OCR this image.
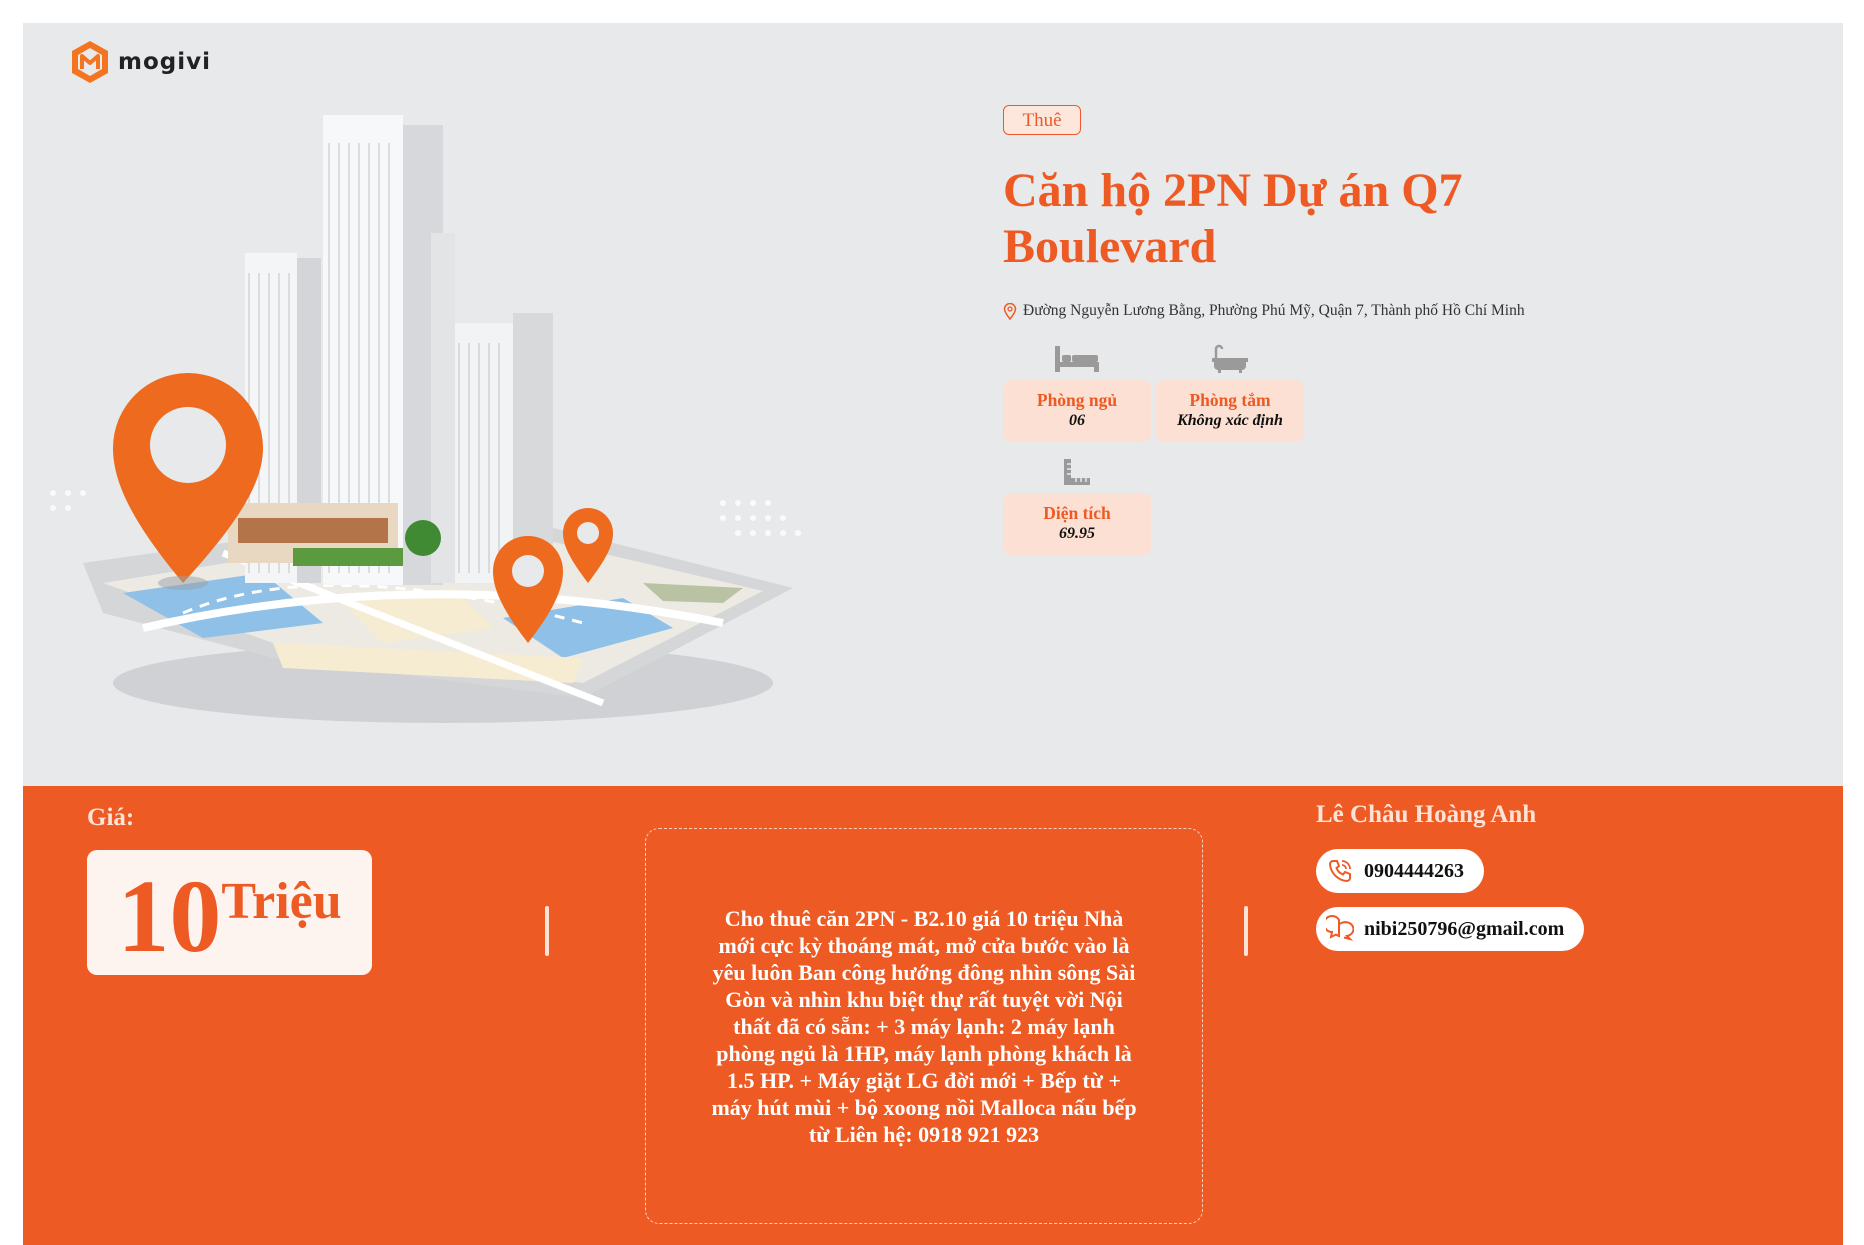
mogivi
Thuê
Căn hộ 2PN Dự án Q7 Boulevard
Đường Nguyễn Lương Bằng, Phường Phú Mỹ, Quận 7, Thành phố Hồ Chí Minh
Phòng ngủ
06
Phòng tắm
Không xác định
Diện tích
69.95
Giá:
10 Triệu	Cho thuê căn 2PN - B2.10 giá 10 triệu Nhà mới cực kỳ thoáng mát, mở cửa bước vào là yêu luôn Ban công hướng đông nhìn sông Sài Gòn và nhìn khu biệt thự rất tuyệt vời Nội thất đã có sẵn: + 3 máy lạnh: 2 máy lạnh phòng ngủ là 1HP, máy lạnh phòng khách là 1.5 HP. + Máy giặt LG đời mới + Bếp từ + máy hút mùi + bộ xoong nồi Malloca nấu bếp từ Liên hệ: 0918 921 923

Lê Châu Hoàng Anh
0904444263
nibi250796@gmail.com
